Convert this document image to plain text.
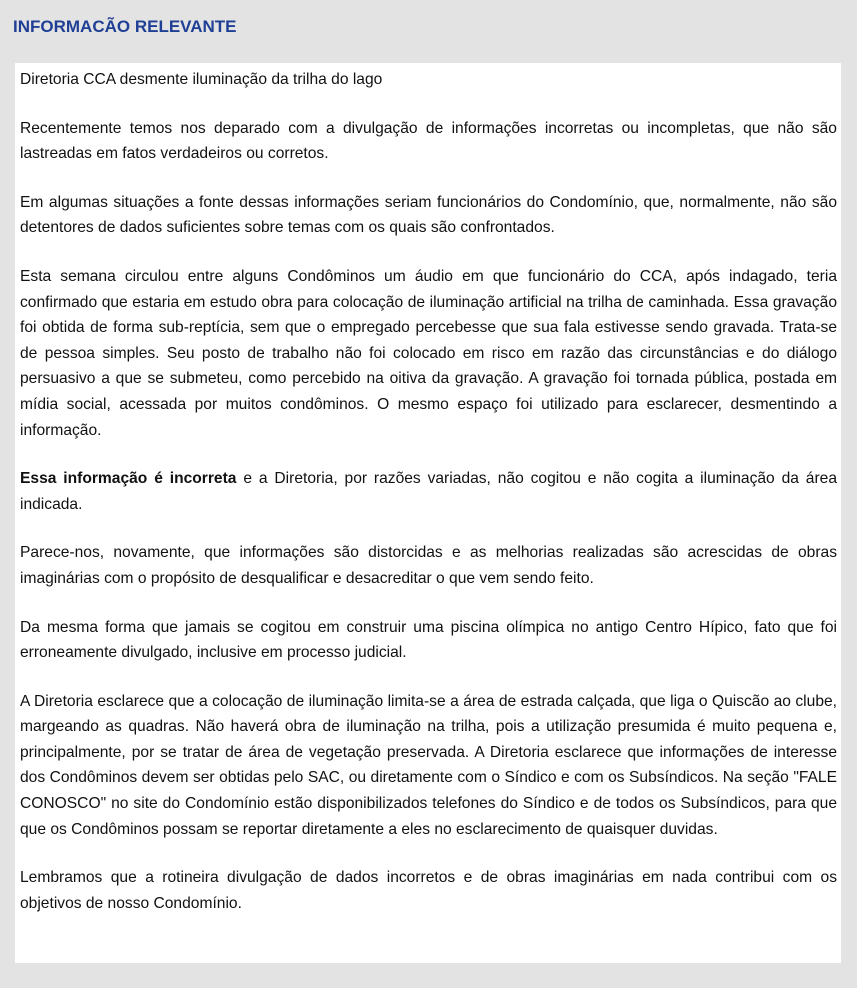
INFORMACÃO RELEVANTE

Diretoria CCA desmente iluminação da trilha do lago

Recentemente temos nos deparado com a divulgação de informações incorretas ou incompletas, que não são lastreadas em fatos verdadeiros ou corretos.

Em algumas situações a fonte dessas informações seriam funcionários do Condomínio, que, normalmente, não são detentores de dados suficientes sobre temas com os quais são confrontados.

Esta semana circulou entre alguns Condôminos um áudio em que funcionário do CCA, após indagado, teria confirmado que estaria em estudo obra para colocação de iluminação artificial na trilha de caminhada. Essa gravação foi obtida de forma sub-reptícia, sem que o empregado percebesse que sua fala estivesse sendo gravada. Trata-se de pessoa simples. Seu posto de trabalho não foi colocado em risco em razão das circunstâncias e do diálogo persuasivo a que se submeteu, como percebido na oitiva da gravação. A gravação foi tornada pública, postada em mídia social, acessada por muitos condôminos. O mesmo espaço foi utilizado para esclarecer, desmentindo a informação.

Essa informação é incorreta e a Diretoria, por razões variadas, não cogitou e não cogita a iluminação da área indicada.

Parece-nos, novamente, que informações são distorcidas e as melhorias realizadas são acrescidas de obras imaginárias com o propósito de desqualificar e desacreditar o que vem sendo feito.

Da mesma forma que jamais se cogitou em construir uma piscina olímpica no antigo Centro Hípico, fato que foi erroneamente divulgado, inclusive em processo judicial.

A Diretoria esclarece que a colocação de iluminação limita-se a área de estrada calçada, que liga o Quiscão ao clube, margeando as quadras. Não haverá obra de iluminação na trilha, pois a utilização presumida é muito pequena e, principalmente, por se tratar de área de vegetação preservada. A Diretoria esclarece que informações de interesse dos Condôminos devem ser obtidas pelo SAC, ou diretamente com o Síndico e com os Subsíndicos. Na seção "FALE CONOSCO" no site do Condomínio estão disponibilizados telefones do Síndico e de todos os Subsíndicos, para que que os Condôminos possam se reportar diretamente a eles no esclarecimento de quaisquer duvidas.

Lembramos que a rotineira divulgação de dados incorretos e de obras imaginárias em nada contribui com os objetivos de nosso Condomínio.
